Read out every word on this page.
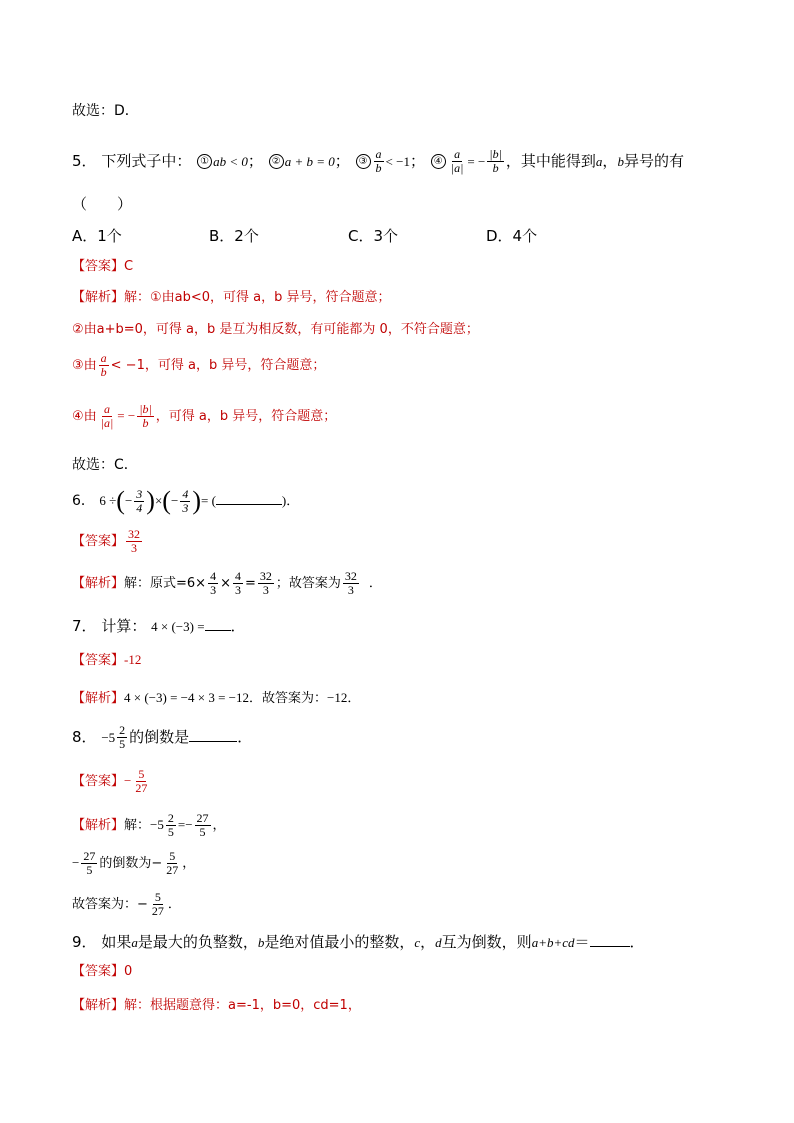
故选：D．
5． 下列式子中： ① ab < 0； ② a + b = 0； ③ $\frac{a}{b} < -1$； ④ $\frac{a}{|a|}$ = − $\frac{|b|}{b}$ ，其中能得到a，b异号的有
（　　）
A．1个	B．2个	C．3个	D．4个
【答案】C
【解析】解：①由ab<0，可得 a，b 异号，符合题意；
②由a+b=0，可得 a，b 是互为相反数，有可能都为 0，不符合题意；
③由 $\frac{a}{b} < -1$，可得 a，b 异号，符合题意；
④由 $\frac{a}{|a|}$ = − $\frac{|b|}{b}$ ，可得 a，b 异号，符合题意；
故选：C．
6． 6 ÷(− $\frac{3}{4}$ )×(− $\frac{4}{3}$ )= (	)．
【答案】 $\frac{32}{3}$
【解析】解：原式$=6\times \frac{4}{3} \times \frac{4}{3} = \frac{32}{3}$ ；故答案为 $\frac{32}{3}$ ．
7． 计算： 4 × (−3) = ．
【答案】-12
【解析】4 × (−3) = −4 × 3 = −12．故答案为：−12．
8． $-5 \frac{2}{5}$ 的倒数是	．
【答案】− $\frac{5}{27}$
【解析】解：$-5 \frac{2}{5} =- \frac{27}{5}$ ，
− $\frac{27}{5}$ 的倒数为− $\frac{5}{27}$ ，
故答案为：− $\frac{5}{27}$ ．
9． 如果a是最大的负整数，b是绝对值最小的整数，c，d互为倒数，则a+b+cd＝	．
【答案】0
【解析】解：根据题意得：a=-1，b=0，cd=1，
